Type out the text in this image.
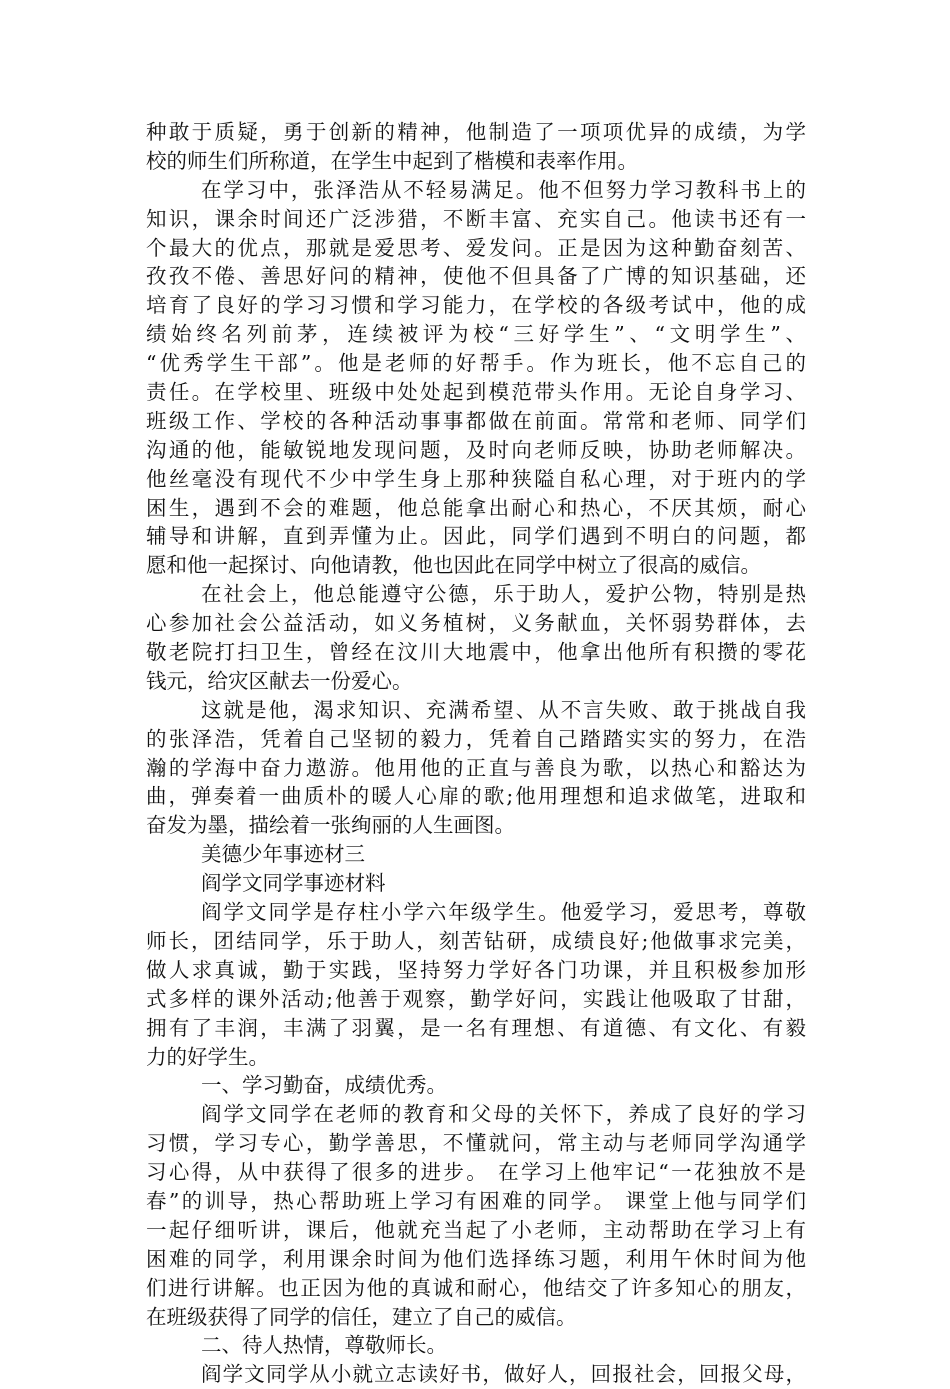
种敢于质疑，勇于创新的精神，他制造了一项项优异的成绩，为学
校的师生们所称道，在学生中起到了楷模和表率作用。
在学习中，张泽浩从不轻易满足。他不但努力学习教科书上的
知识，课余时间还广泛涉猎，不断丰富、充实自己。他读书还有一
个最大的优点，那就是爱思考、爱发问。正是因为这种勤奋刻苦、
孜孜不倦、善思好问的精神，使他不但具备了广博的知识基础，还
培育了良好的学习习惯和学习能力，在学校的各级考试中，他的成
绩始终名列前茅，连续被评为校“三好学生”、“文明学生”、
“优秀学生干部”。他是老师的好帮手。作为班长，他不忘自己的
责任。在学校里、班级中处处起到模范带头作用。无论自身学习、
班级工作、学校的各种活动事事都做在前面。常常和老师、同学们
沟通的他，能敏锐地发现问题，及时向老师反映，协助老师解决。
他丝毫没有现代不少中学生身上那种狭隘自私心理，对于班内的学
困生，遇到不会的难题，他总能拿出耐心和热心，不厌其烦，耐心
辅导和讲解，直到弄懂为止。因此，同学们遇到不明白的问题，都
愿和他一起探讨、向他请教，他也因此在同学中树立了很高的威信。
在社会上，他总能遵守公德，乐于助人，爱护公物，特别是热
心参加社会公益活动，如义务植树，义务献血，关怀弱势群体，去
敬老院打扫卫生，曾经在汶川大地震中，他拿出他所有积攒的零花
钱元，给灾区献去一份爱心。
这就是他，渴求知识、充满希望、从不言失败、敢于挑战自我
的张泽浩，凭着自己坚韧的毅力，凭着自己踏踏实实的努力，在浩
瀚的学海中奋力遨游。他用他的正直与善良为歌，以热心和豁达为
曲，弹奏着一曲质朴的暖人心扉的歌;他用理想和追求做笔，进取和
奋发为墨，描绘着一张绚丽的人生画图。
美德少年事迹材三
阎学文同学事迹材料
阎学文同学是存柱小学六年级学生。他爱学习，爱思考，尊敬
师长，团结同学，乐于助人，刻苦钻研，成绩良好;他做事求完美，
做人求真诚，勤于实践，坚持努力学好各门功课，并且积极参加形
式多样的课外活动;他善于观察，勤学好问，实践让他吸取了甘甜，
拥有了丰润，丰满了羽翼，是一名有理想、有道德、有文化、有毅
力的好学生。
一、学习勤奋，成绩优秀。
阎学文同学在老师的教育和父母的关怀下，养成了良好的学习
习惯，学习专心，勤学善思，不懂就问，常主动与老师同学沟通学
习心得，从中获得了很多的进步。 在学习上他牢记“一花独放不是
春”的训导，热心帮助班上学习有困难的同学。 课堂上他与同学们
一起仔细听讲，课后，他就充当起了小老师，主动帮助在学习上有
困难的同学，利用课余时间为他们选择练习题，利用午休时间为他
们进行讲解。也正因为他的真诚和耐心，他结交了许多知心的朋友，
在班级获得了同学的信任，建立了自己的威信。
二、待人热情，尊敬师长。
阎学文同学从小就立志读好书，做好人，回报社会，回报父母，
